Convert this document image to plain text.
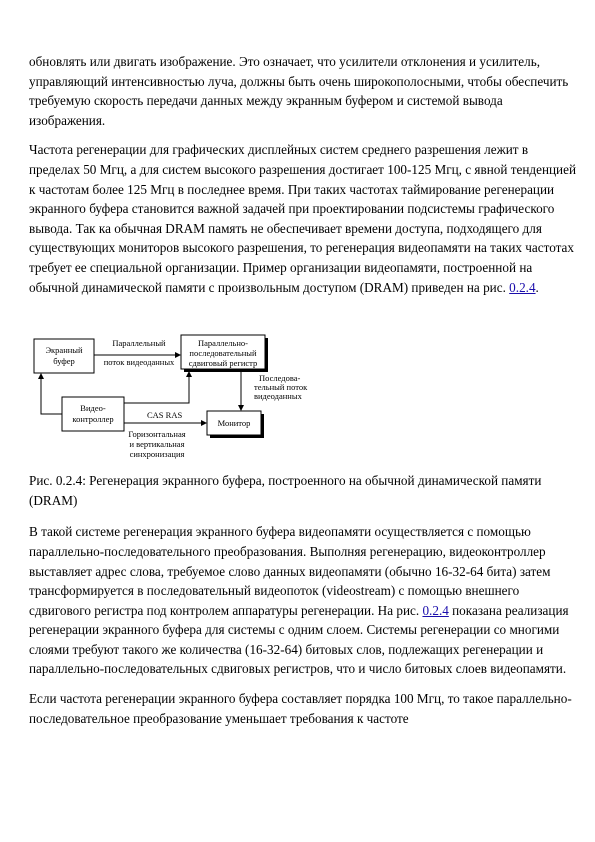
обновлять или двигать изображение. Это означает, что усилители отклонения и усилитель, управляющий интенсивностью луча, должны быть очень широкополосными, чтобы обеспечить требуемую скорость передачи данных между экранным буфером и системой вывода изображения.

Частота регенерации для графических дисплейных систем среднего разрешения лежит в пределах 50 Мгц, а для систем высокого разрешения достигает 100-125 Мгц, с явной тенденцией к частотам более 125 Мгц в последнее время. При таких частотах таймирование регенерации экранного буфера становится важной задачей при проектировании подсистемы графического вывода. Так ка обычная DRAM память не обеспечивает времени доступа, подходящего для существующих мониторов высокого разрешения, то регенерация видеопамяти на таких частотах требует ее специальной организации. Пример организации видеопамяти, построенной на обычной динамической памяти с произвольным доступом (DRAM) приведен на рис. 0.2.4.

Экранный
буфер
Параллельно-
последовательный
сдвиговый регистр
Параллельный
поток видеоданных
Видео-
контроллер	CAS RAS
Горизонтальная
и вертикальная
синхронизация
Монитор
Последова-
тельный поток
видеоданных

Рис. 0.2.4: Регенерация экранного буфера, построенного на обычной динамической памяти (DRAM)

В такой системе регенерация экранного буфера видеопамяти осуществляется с помощью параллельно-последовательного преобразования. Выполняя регенерацию, видеоконтроллер выставляет адрес слова, требуемое слово данных видеопамяти (обычно 16-32-64 бита) затем трансформируется в последовательный видеопоток (videostream) с помощью внешнего сдвигового регистра под контролем аппаратуры регенерации. На рис. 0.2.4 показана реализация регенерации экранного буфера для системы с одним слоем. Системы регенерации со многими слоями требуют такого же количества (16-32-64) битовых слов, подлежащих регенерации и параллельно-последовательных сдвиговых регистров, что и число битовых слоев видеопамяти.

Если частота регенерации экранного буфера составляет порядка 100 Мгц, то такое параллельно-последовательное преобразование уменьшает требования к частоте
